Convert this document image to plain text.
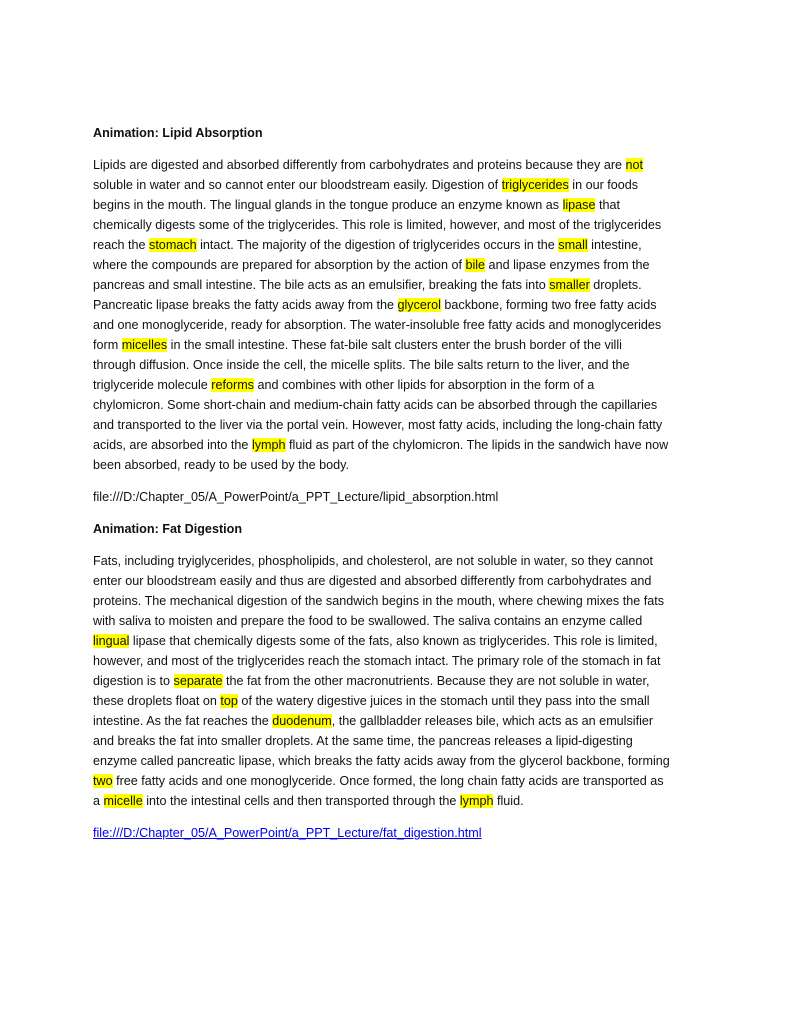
Animation: Lipid Absorption
Lipids are digested and absorbed differently from carbohydrates and proteins because they are not
soluble in water and so cannot enter our bloodstream easily. Digestion of triglycerides in our foods
begins in the mouth. The lingual glands in the tongue produce an enzyme known as lipase that
chemically digests some of the triglycerides. This role is limited, however, and most of the triglycerides
reach the stomach intact. The majority of the digestion of triglycerides occurs in the small intestine,
where the compounds are prepared for absorption by the action of bile and lipase enzymes from the
pancreas and small intestine. The bile acts as an emulsifier, breaking the fats into smaller droplets.
Pancreatic lipase breaks the fatty acids away from the glycerol backbone, forming two free fatty acids
and one monoglyceride, ready for absorption. The water-insoluble free fatty acids and monoglycerides
form micelles in the small intestine. These fat-bile salt clusters enter the brush border of the villi
through diffusion. Once inside the cell, the micelle splits. The bile salts return to the liver, and the
triglyceride molecule reforms and combines with other lipids for absorption in the form of a
chylomicron. Some short-chain and medium-chain fatty acids can be absorbed through the capillaries
and transported to the liver via the portal vein. However, most fatty acids, including the long-chain fatty
acids, are absorbed into the lymph fluid as part of the chylomicron. The lipids in the sandwich have now
been absorbed, ready to be used by the body.
file:///D:/Chapter_05/A_PowerPoint/a_PPT_Lecture/lipid_absorption.html
Animation: Fat Digestion
Fats, including tryiglycerides, phospholipids, and cholesterol, are not soluble in water, so they cannot
enter our bloodstream easily and thus are digested and absorbed differently from carbohydrates and
proteins. The mechanical digestion of the sandwich begins in the mouth, where chewing mixes the fats
with saliva to moisten and prepare the food to be swallowed. The saliva contains an enzyme called
lingual lipase that chemically digests some of the fats, also known as triglycerides. This role is limited,
however, and most of the triglycerides reach the stomach intact. The primary role of the stomach in fat
digestion is to separate the fat from the other macronutrients. Because they are not soluble in water,
these droplets float on top of the watery digestive juices in the stomach until they pass into the small
intestine. As the fat reaches the duodenum, the gallbladder releases bile, which acts as an emulsifier
and breaks the fat into smaller droplets. At the same time, the pancreas releases a lipid-digesting
enzyme called pancreatic lipase, which breaks the fatty acids away from the glycerol backbone, forming
two free fatty acids and one monoglyceride. Once formed, the long chain fatty acids are transported as
a micelle into the intestinal cells and then transported through the lymph fluid.
file:///D:/Chapter_05/A_PowerPoint/a_PPT_Lecture/fat_digestion.html
